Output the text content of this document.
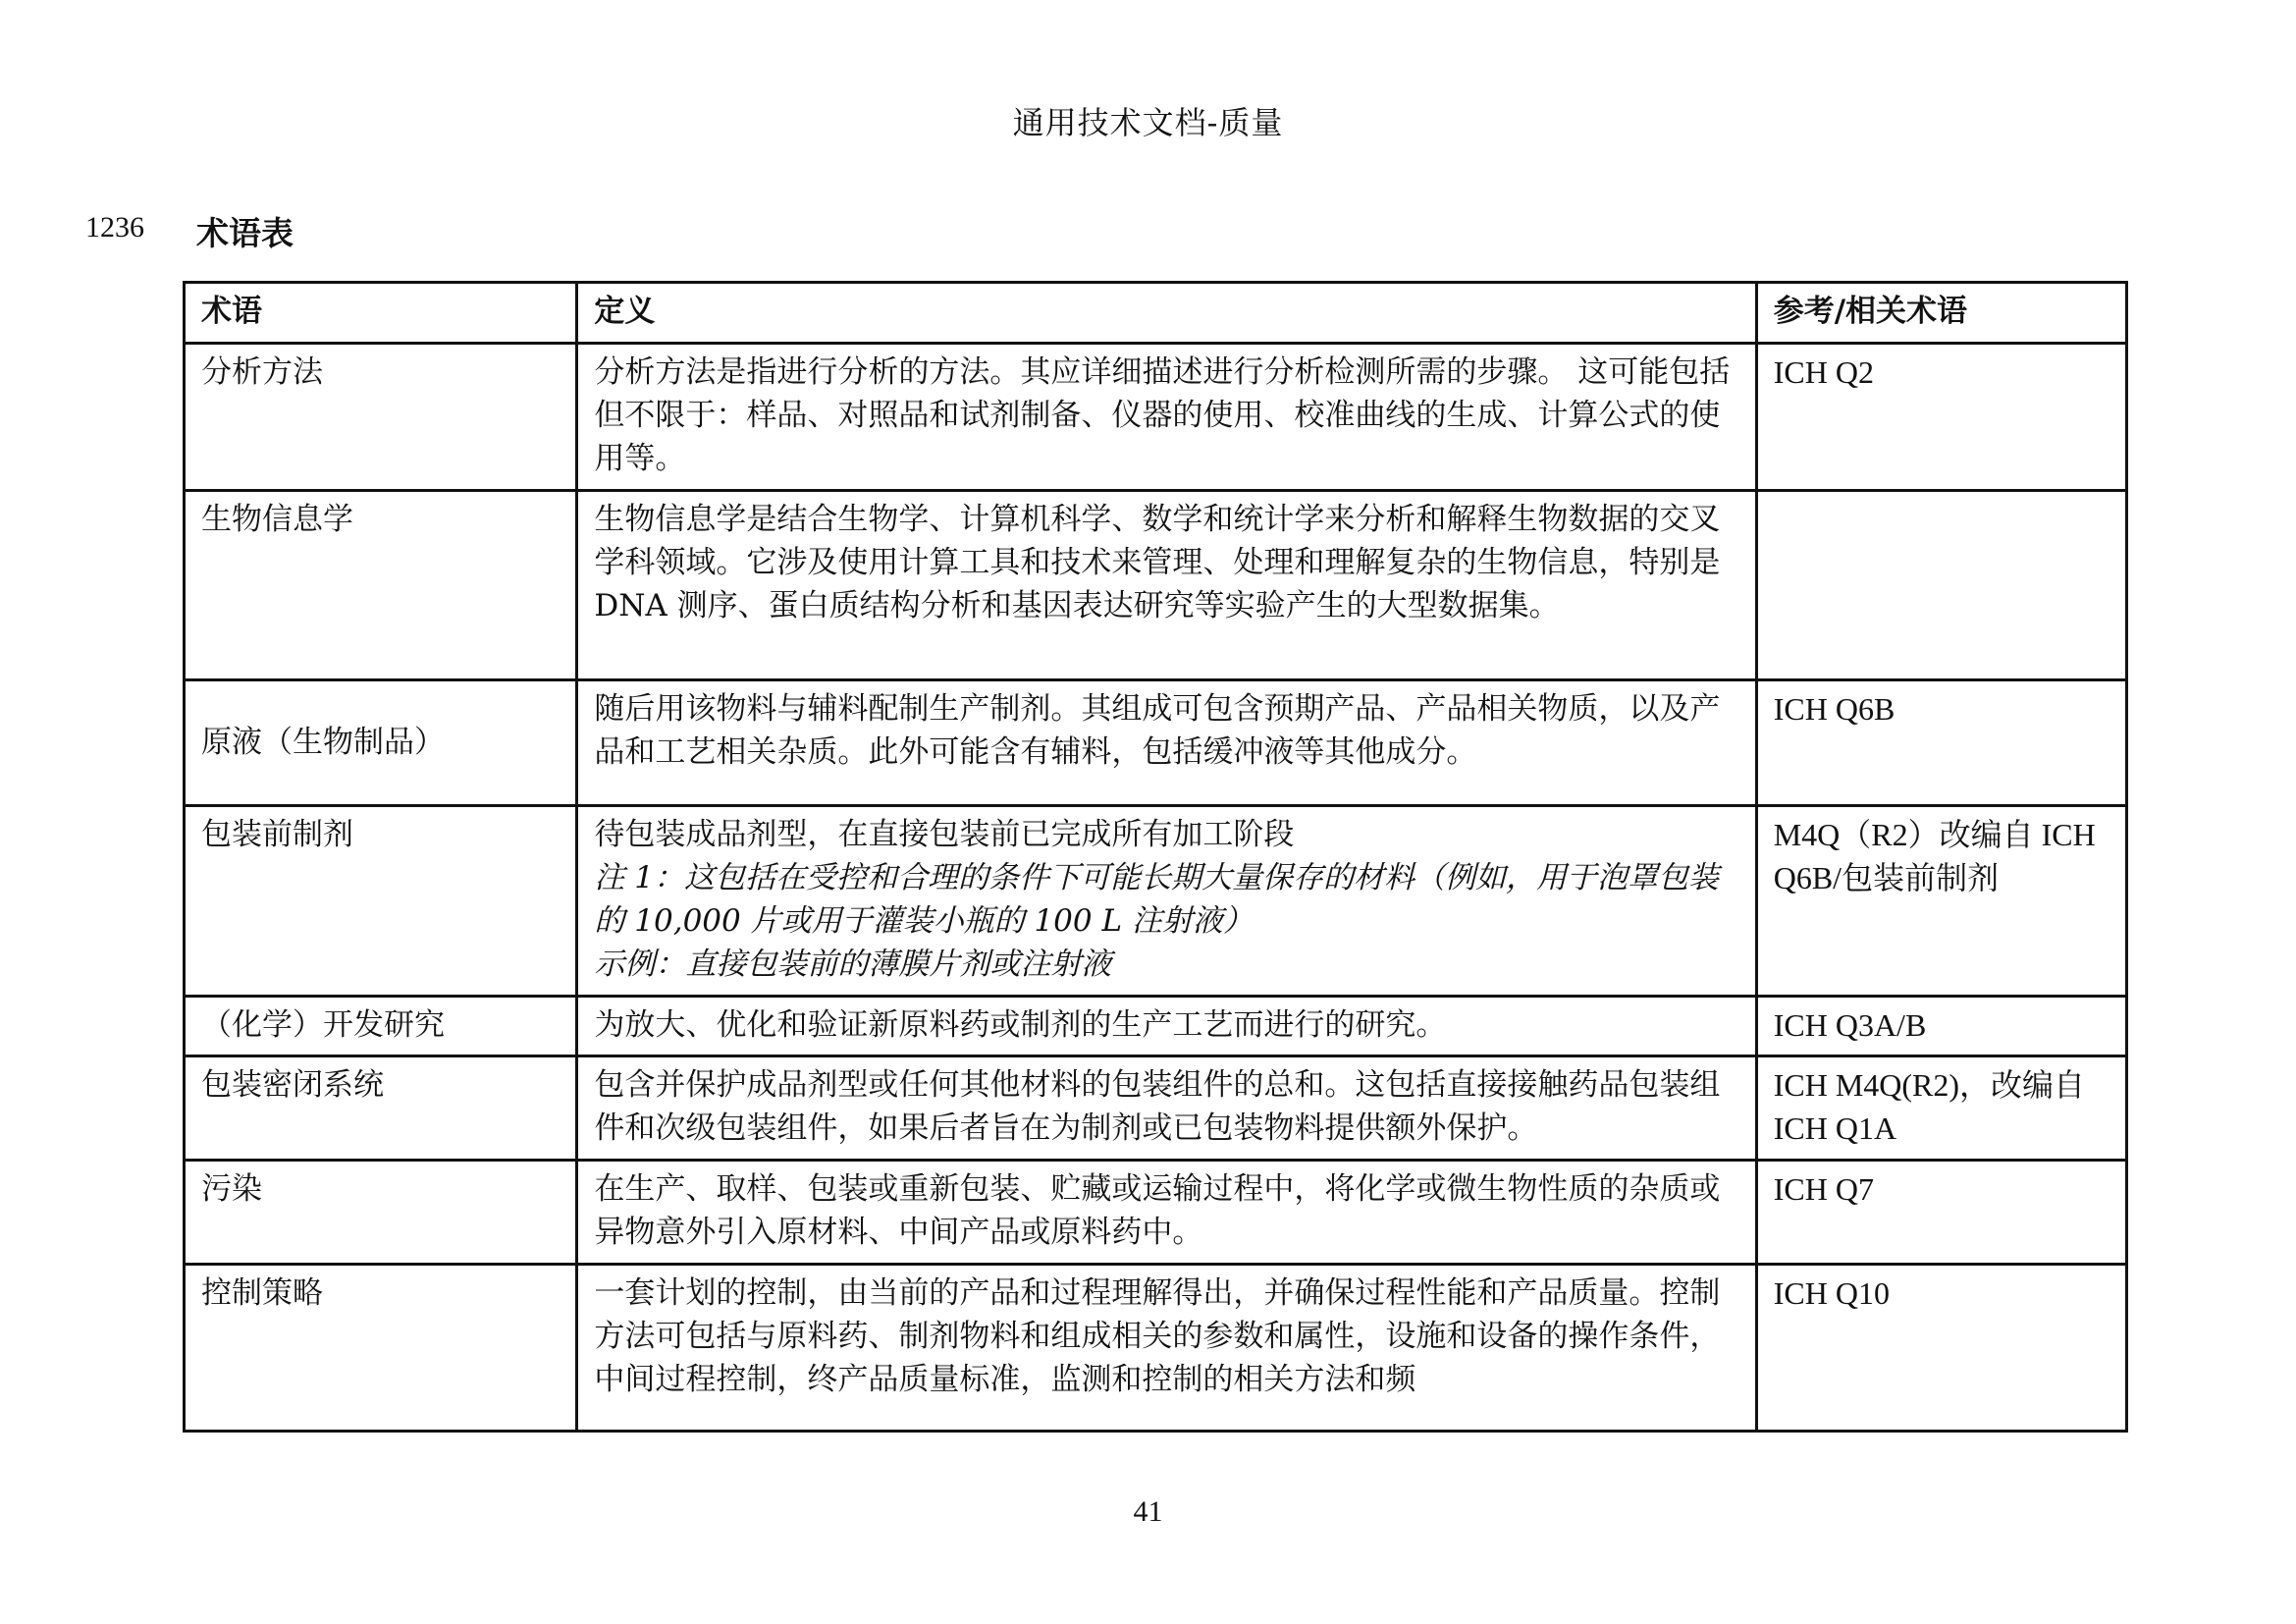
通用技术文档-质量
1236 术语表
术语	定义	参考/相关术语
分析方法	分析方法是指进行分析的方法。其应详细描述进行分析检测所需的步骤。 这可能包括但不限于：样品、对照品和试剂制备、仪器的使用、校准曲线的生成、计算公式的使用等。	ICH Q2
生物信息学	生物信息学是结合生物学、计算机科学、数学和统计学来分析和解释生物数据的交叉学科领域。它涉及使用计算工具和技术来管理、处理和理解复杂的生物信息，特别是 DNA 测序、蛋白质结构分析和基因表达研究等实验产生的大型数据集。	
原液（生物制品）	随后用该物料与辅料配制生产制剂。其组成可包含预期产品、产品相关物质，以及产品和工艺相关杂质。此外可能含有辅料，包括缓冲液等其他成分。	ICH Q6B
包装前制剂	待包装成品剂型，在直接包装前已完成所有加工阶段
注 1：这包括在受控和合理的条件下可能长期大量保存的材料（例如，用于泡罩包装的 10,000 片或用于灌装小瓶的 100 L 注射液）
示例：直接包装前的薄膜片剂或注射液	M4Q（R2）改编自 ICH Q6B/包装前制剂
（化学）开发研究	为放大、优化和验证新原料药或制剂的生产工艺而进行的研究。	ICH Q3A/B
包装密闭系统	包含并保护成品剂型或任何其他材料的包装组件的总和。这包括直接接触药品包装组件和次级包装组件，如果后者旨在为制剂或已包装物料提供额外保护。	ICH M4Q(R2)，改编自 ICH Q1A
污染	在生产、取样、包装或重新包装、贮藏或运输过程中，将化学或微生物性质的杂质或异物意外引入原材料、中间产品或原料药中。	ICH Q7
控制策略	一套计划的控制，由当前的产品和过程理解得出，并确保过程性能和产品质量。控制方法可包括与原料药、制剂物料和组成相关的参数和属性，设施和设备的操作条件，中间过程控制，终产品质量标准，监测和控制的相关方法和频	ICH Q10
41
